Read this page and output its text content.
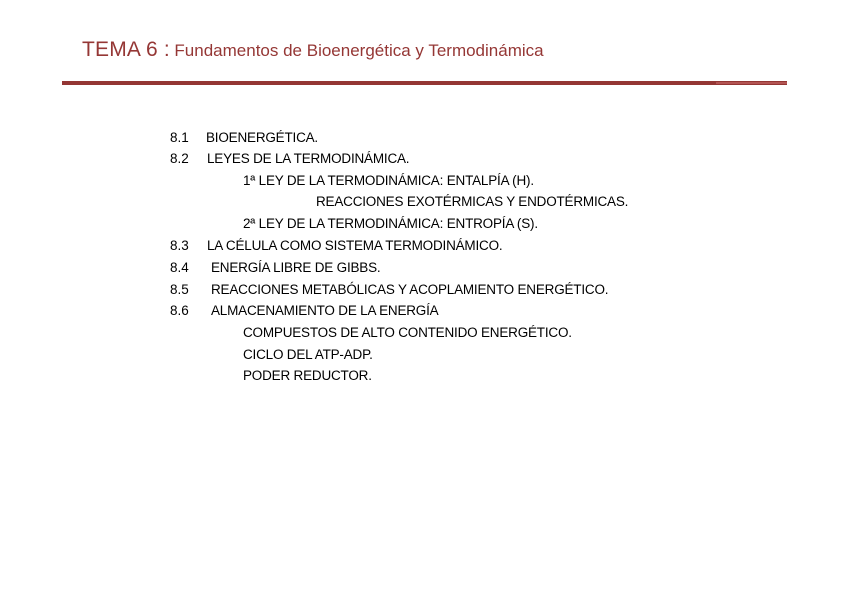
TEMA 6 : Fundamentos de Bioenergética y Termodinámica
8.1 BIOENERGÉTICA.
8.2 LEYES DE LA TERMODINÁMICA.
1ª LEY DE LA TERMODINÁMICA: ENTALPÍA (H).
REACCIONES EXOTÉRMICAS Y ENDOTÉRMICAS.
2ª LEY DE LA TERMODINÁMICA: ENTROPÍA (S).
8.3 LA CÉLULA COMO SISTEMA TERMODINÁMICO.
8.4 ENERGÍA LIBRE DE GIBBS.
8.5 REACCIONES METABÓLICAS Y ACOPLAMIENTO ENERGÉTICO.
8.6 ALMACENAMIENTO DE LA ENERGÍA
COMPUESTOS DE ALTO CONTENIDO ENERGÉTICO.
CICLO DEL ATP-ADP.
PODER REDUCTOR.
